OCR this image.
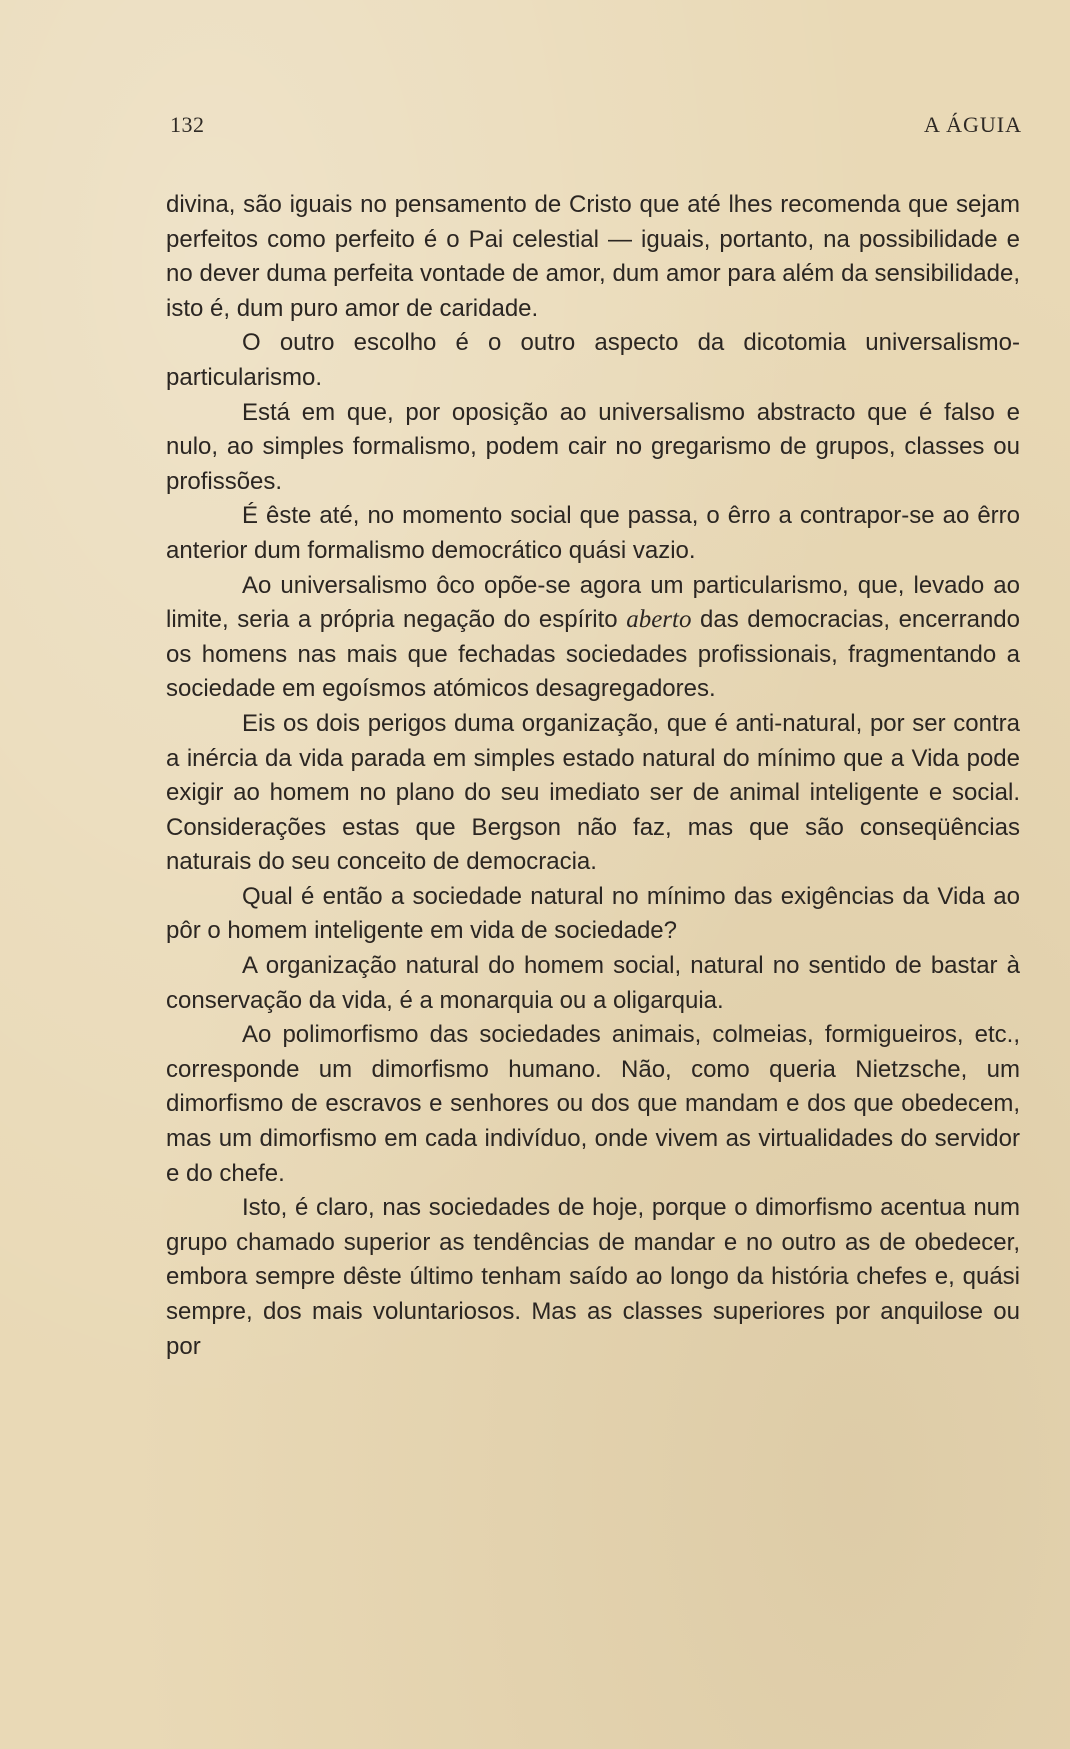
132	A ÁGUIA

divina, são iguais no pensamento de Cristo que até lhes recomenda que sejam perfeitos como perfeito é o Pai celestial — iguais, portanto, na possibilidade e no dever duma perfeita vontade de amor, dum amor para além da sensibilidade, isto é, dum puro amor de caridade.

O outro escolho é o outro aspecto da dicotomia universalismo-particularismo.

Está em que, por oposição ao universalismo abstracto que é falso e nulo, ao simples formalismo, podem cair no gregarismo de grupos, classes ou profissões.

É êste até, no momento social que passa, o êrro a contrapor-se ao êrro anterior dum formalismo democrático quási vazio.

Ao universalismo ôco opõe-se agora um particularismo, que, levado ao limite, seria a própria negação do espírito aberto das democracias, encerrando os homens nas mais que fechadas sociedades profissionais, fragmentando a sociedade em egoísmos atómicos desagregadores.

Eis os dois perigos duma organização, que é anti-natural, por ser contra a inércia da vida parada em simples estado natural do mínimo que a Vida pode exigir ao homem no plano do seu imediato ser de animal inteligente e social. Considerações estas que Bergson não faz, mas que são conseqüências naturais do seu conceito de democracia.

Qual é então a sociedade natural no mínimo das exigências da Vida ao pôr o homem inteligente em vida de sociedade?

A organização natural do homem social, natural no sentido de bastar à conservação da vida, é a monarquia ou a oligarquia.

Ao polimorfismo das sociedades animais, colmeias, formigueiros, etc., corresponde um dimorfismo humano. Não, como queria Nietzsche, um dimorfismo de escravos e senhores ou dos que mandam e dos que obedecem, mas um dimorfismo em cada indivíduo, onde vivem as virtualidades do servidor e do chefe.

Isto, é claro, nas sociedades de hoje, porque o dimorfismo acentua num grupo chamado superior as tendências de mandar e no outro as de obedecer, embora sempre dêste último tenham saído ao longo da história chefes e, quási sempre, dos mais voluntariosos. Mas as classes superiores por anquilose ou por
